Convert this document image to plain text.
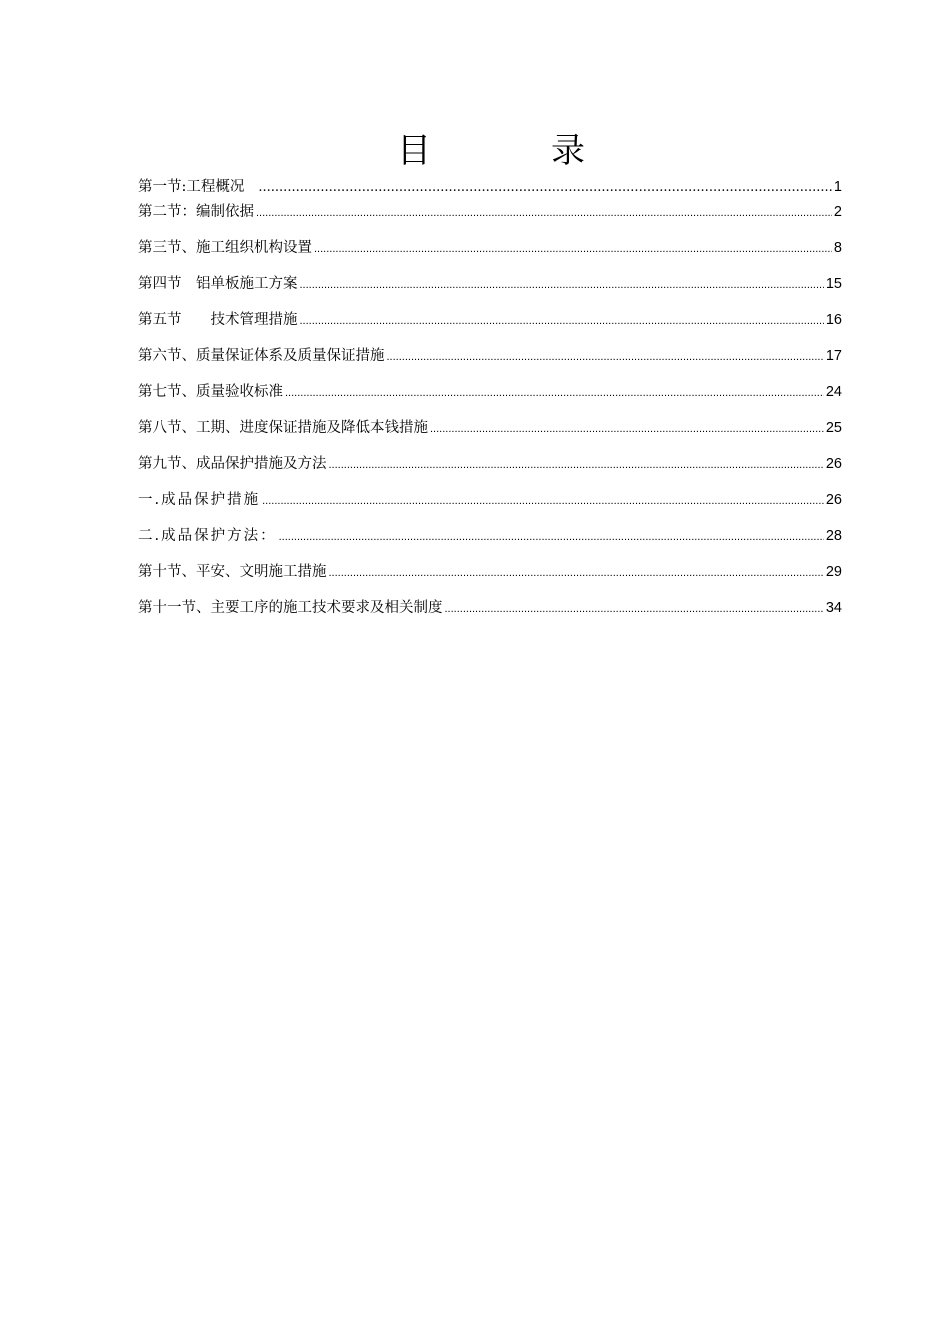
目	录
第一节:工程概况 .....	1
第二节：编制依据 .....	2
第三节、施工组织机构设置 .....	8
第四节　铝单板施工方案 .....	15
第五节　　技术管理措施 .....	16
第六节、质量保证体系及质量保证措施 .....	17
第七节、质量验收标准 .....	24
第八节、工期、进度保证措施及降低本钱措施 .....	25
第九节、成品保护措施及方法 .....	26
一.成品保护措施 .....	26
二.成品保护方法： .....	28
第十节、平安、文明施工措施 .....	29
第十一节、主要工序的施工技术要求及相关制度 .....	34
